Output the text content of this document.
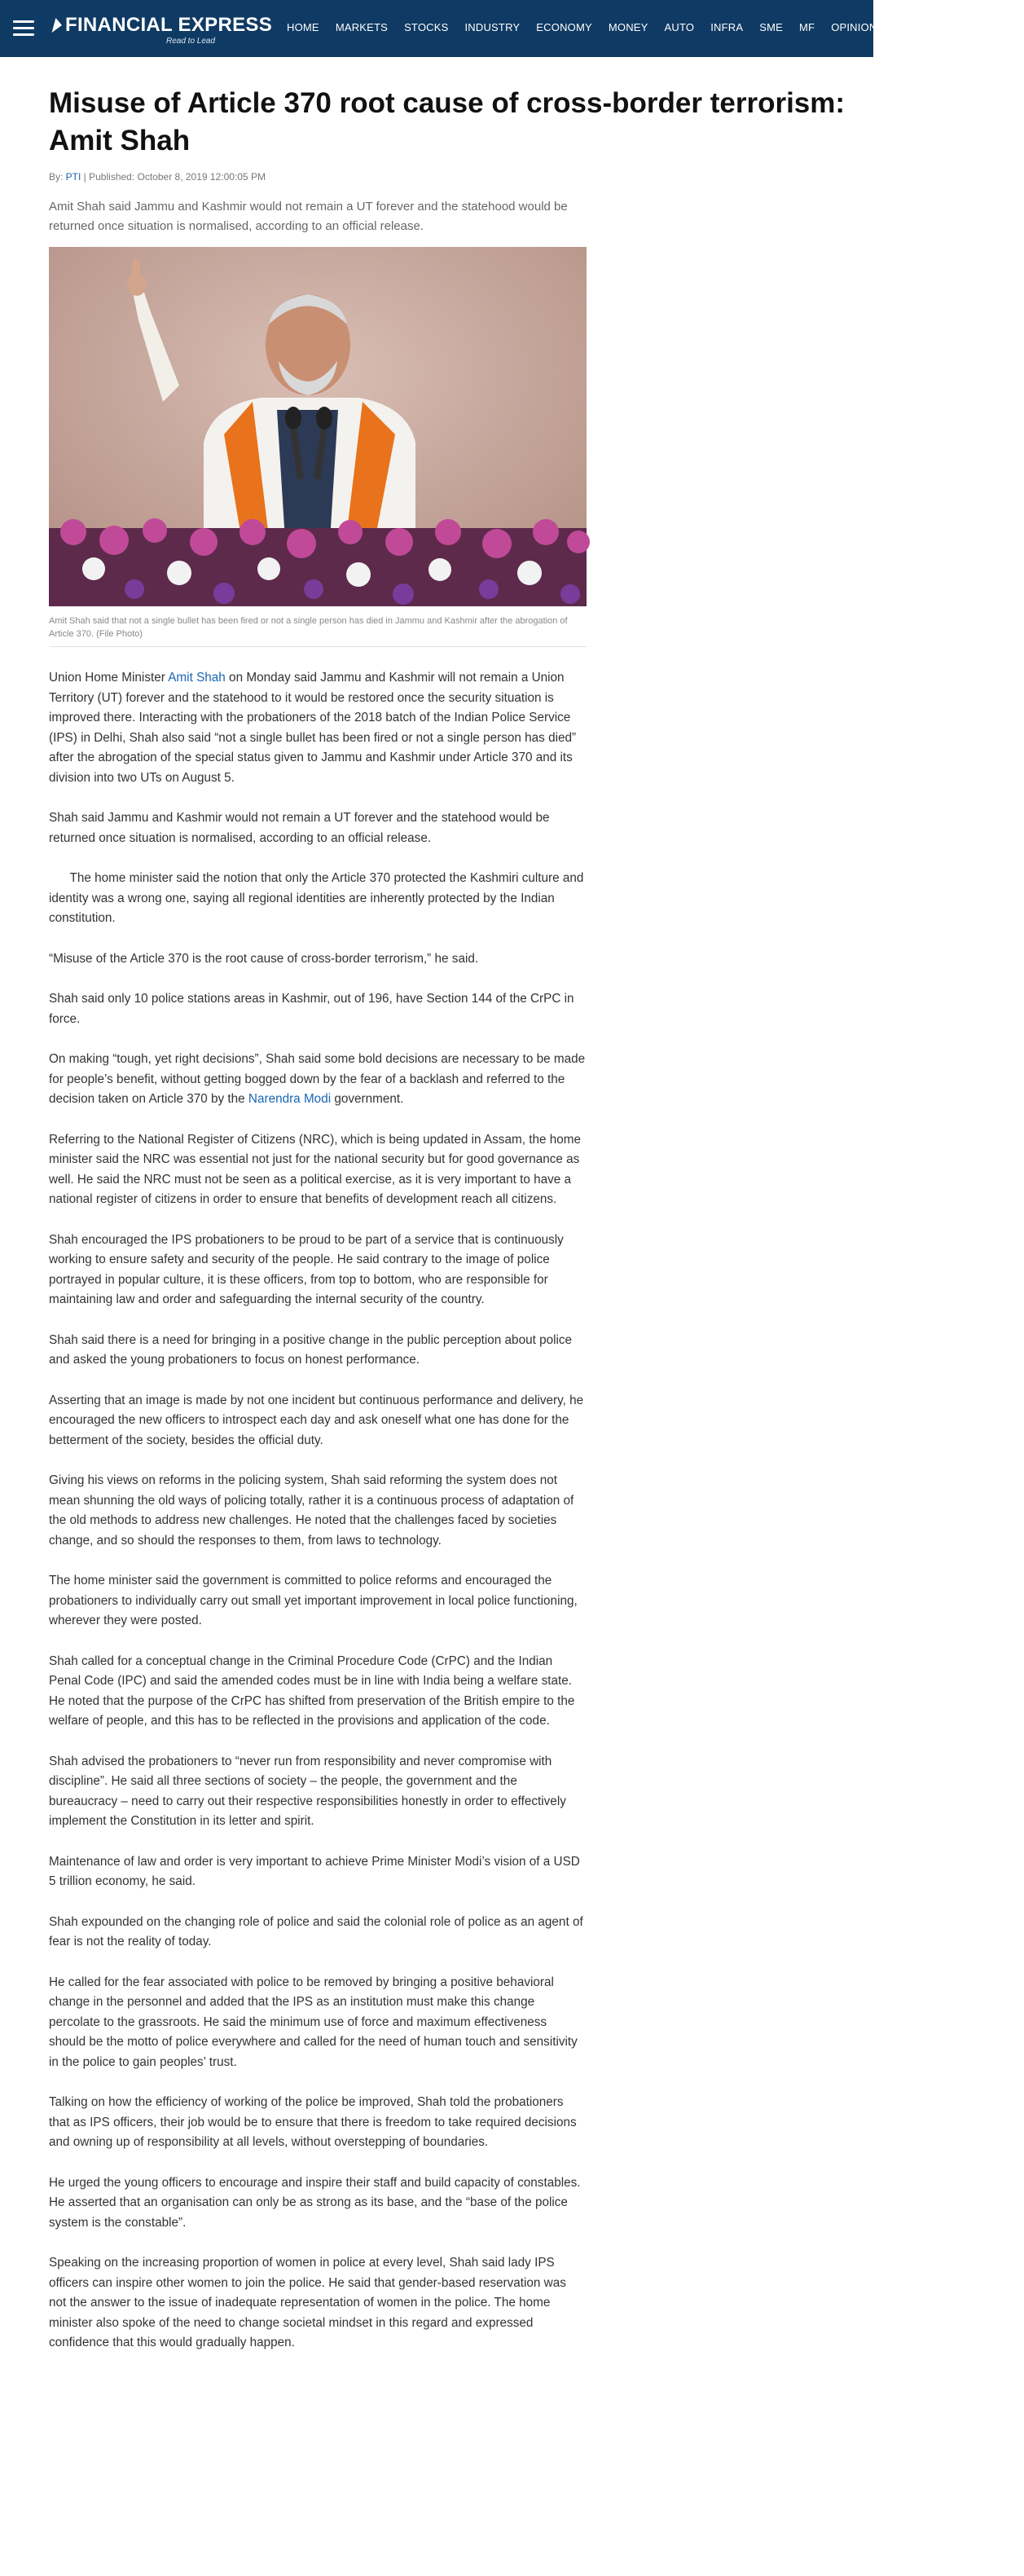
FINANCIAL EXPRESS
Read to Lead
HOME MARKETS STOCKS INDUSTRY ECONOMY MONEY AUTO INFRA SME MF OPINION BRANDWAGON HIN
Misuse of Article 370 root cause of cross-border terrorism: Amit Shah
By: PTI | Published: October 8, 2019 12:00:05 PM

Amit Shah said Jammu and Kashmir would not remain a UT forever and the statehood would be returned once situation is normalised, according to an official release.

Amit Shah said that not a single bullet has been fired or not a single person has died in Jammu and Kashmir after the abrogation of Article 370. (File Photo)

Union Home Minister Amit Shah on Monday said Jammu and Kashmir will not remain a Union Territory (UT) forever and the statehood to it would be restored once the security situation is improved there. Interacting with the probationers of the 2018 batch of the Indian Police Service (IPS) in Delhi, Shah also said “not a single bullet has been fired or not a single person has died” after the abrogation of the special status given to Jammu and Kashmir under Article 370 and its division into two UTs on August 5.

Shah said Jammu and Kashmir would not remain a UT forever and the statehood would be returned once situation is normalised, according to an official release.

The home minister said the notion that only the Article 370 protected the Kashmiri culture and identity was a wrong one, saying all regional identities are inherently protected by the Indian constitution.

“Misuse of the Article 370 is the root cause of cross-border terrorism,” he said.

Shah said only 10 police stations areas in Kashmir, out of 196, have Section 144 of the CrPC in force.

On making “tough, yet right decisions”, Shah said some bold decisions are necessary to be made for people’s benefit, without getting bogged down by the fear of a backlash and referred to the decision taken on Article 370 by the Narendra Modi government.

Referring to the National Register of Citizens (NRC), which is being updated in Assam, the home minister said the NRC was essential not just for the national security but for good governance as well. He said the NRC must not be seen as a political exercise, as it is very important to have a national register of citizens in order to ensure that benefits of development reach all citizens.

Shah encouraged the IPS probationers to be proud to be part of a service that is continuously working to ensure safety and security of the people. He said contrary to the image of police portrayed in popular culture, it is these officers, from top to bottom, who are responsible for maintaining law and order and safeguarding the internal security of the country.

Shah said there is a need for bringing in a positive change in the public perception about police and asked the young probationers to focus on honest performance.

Asserting that an image is made by not one incident but continuous performance and delivery, he encouraged the new officers to introspect each day and ask oneself what one has done for the betterment of the society, besides the official duty.

Giving his views on reforms in the policing system, Shah said reforming the system does not mean shunning the old ways of policing totally, rather it is a continuous process of adaptation of the old methods to address new challenges. He noted that the challenges faced by societies change, and so should the responses to them, from laws to technology.

The home minister said the government is committed to police reforms and encouraged the probationers to individually carry out small yet important improvement in local police functioning, wherever they were posted.

Shah called for a conceptual change in the Criminal Procedure Code (CrPC) and the Indian Penal Code (IPC) and said the amended codes must be in line with India being a welfare state. He noted that the purpose of the CrPC has shifted from preservation of the British empire to the welfare of people, and this has to be reflected in the provisions and application of the code.

Shah advised the probationers to “never run from responsibility and never compromise with discipline”. He said all three sections of society – the people, the government and the bureaucracy – need to carry out their respective responsibilities honestly in order to effectively implement the Constitution in its letter and spirit.

Maintenance of law and order is very important to achieve Prime Minister Modi’s vision of a USD 5 trillion economy, he said.

Shah expounded on the changing role of police and said the colonial role of police as an agent of fear is not the reality of today.

He called for the fear associated with police to be removed by bringing a positive behavioral change in the personnel and added that the IPS as an institution must make this change percolate to the grassroots. He said the minimum use of force and maximum effectiveness should be the motto of police everywhere and called for the need of human touch and sensitivity in the police to gain peoples’ trust.

Talking on how the efficiency of working of the police be improved, Shah told the probationers that as IPS officers, their job would be to ensure that there is freedom to take required decisions and owning up of responsibility at all levels, without overstepping of boundaries.

He urged the young officers to encourage and inspire their staff and build capacity of constables. He asserted that an organisation can only be as strong as its base, and the “base of the police system is the constable”.

Speaking on the increasing proportion of women in police at every level, Shah said lady IPS officers can inspire other women to join the police. He said that gender-based reservation was not the answer to the issue of inadequate representation of women in the police. The home minister also spoke of the need to change societal mindset in this regard and expressed confidence that this would gradually happen.
